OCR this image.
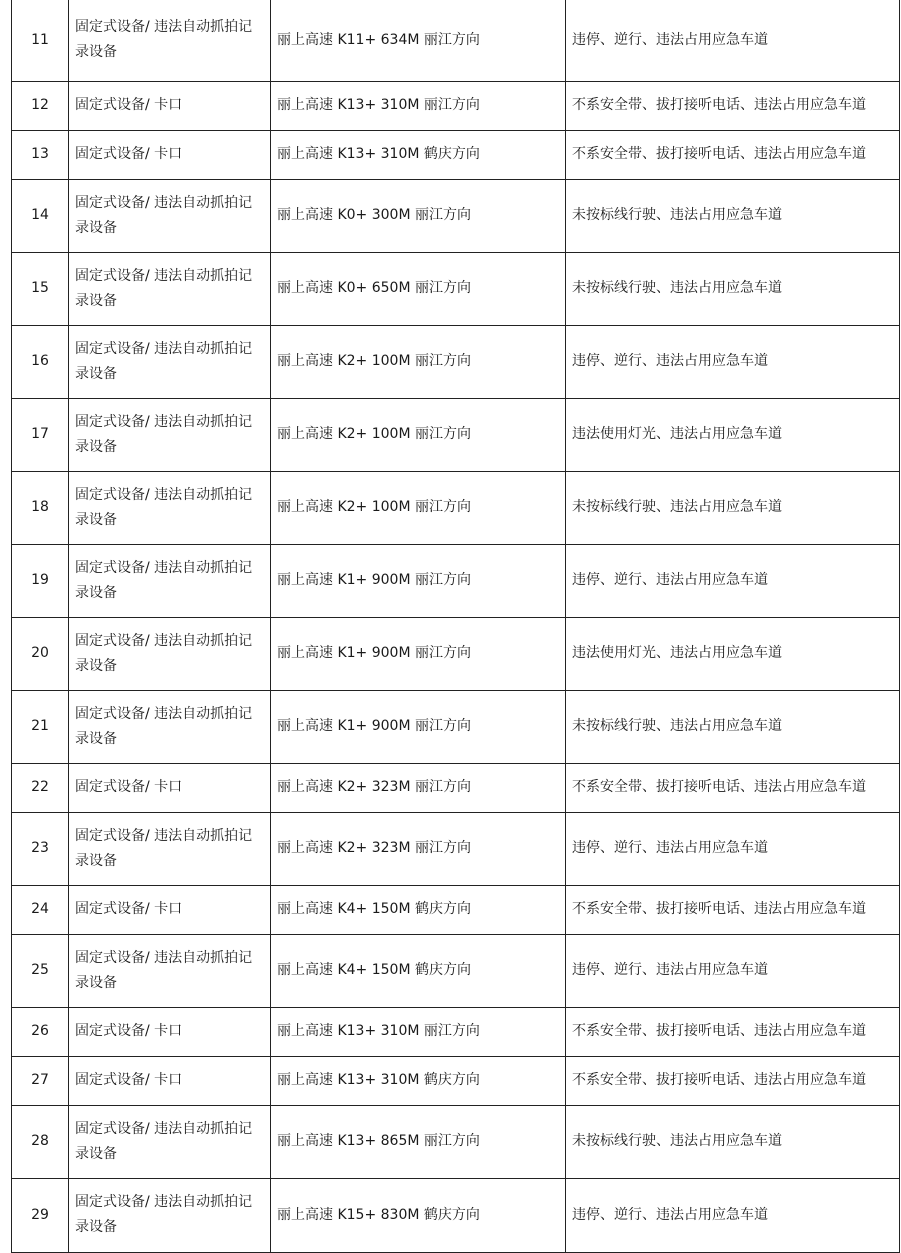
11	固定式设备/ 违法自动抓拍记录设备	丽上高速 K11+ 634M 丽江方向	违停、逆行、违法占用应急车道
12	固定式设备/ 卡口	丽上高速 K13+ 310M 丽江方向	不系安全带、拔打接听电话、违法占用应急车道
13	固定式设备/ 卡口	丽上高速 K13+ 310M 鹤庆方向	不系安全带、拔打接听电话、违法占用应急车道
14	固定式设备/ 违法自动抓拍记录设备	丽上高速 K0+ 300M 丽江方向	未按标线行驶、违法占用应急车道
15	固定式设备/ 违法自动抓拍记录设备	丽上高速 K0+ 650M 丽江方向	未按标线行驶、违法占用应急车道
16	固定式设备/ 违法自动抓拍记录设备	丽上高速 K2+ 100M 丽江方向	违停、逆行、违法占用应急车道
17	固定式设备/ 违法自动抓拍记录设备	丽上高速 K2+ 100M 丽江方向	违法使用灯光、违法占用应急车道
18	固定式设备/ 违法自动抓拍记录设备	丽上高速 K2+ 100M 丽江方向	未按标线行驶、违法占用应急车道
19	固定式设备/ 违法自动抓拍记录设备	丽上高速 K1+ 900M 丽江方向	违停、逆行、违法占用应急车道
20	固定式设备/ 违法自动抓拍记录设备	丽上高速 K1+ 900M 丽江方向	违法使用灯光、违法占用应急车道
21	固定式设备/ 违法自动抓拍记录设备	丽上高速 K1+ 900M 丽江方向	未按标线行驶、违法占用应急车道
22	固定式设备/ 卡口	丽上高速 K2+ 323M 丽江方向	不系安全带、拔打接听电话、违法占用应急车道
23	固定式设备/ 违法自动抓拍记录设备	丽上高速 K2+ 323M 丽江方向	违停、逆行、违法占用应急车道
24	固定式设备/ 卡口	丽上高速 K4+ 150M 鹤庆方向	不系安全带、拔打接听电话、违法占用应急车道
25	固定式设备/ 违法自动抓拍记录设备	丽上高速 K4+ 150M 鹤庆方向	违停、逆行、违法占用应急车道
26	固定式设备/ 卡口	丽上高速 K13+ 310M 丽江方向	不系安全带、拔打接听电话、违法占用应急车道
27	固定式设备/ 卡口	丽上高速 K13+ 310M 鹤庆方向	不系安全带、拔打接听电话、违法占用应急车道
28	固定式设备/ 违法自动抓拍记录设备	丽上高速 K13+ 865M 丽江方向	未按标线行驶、违法占用应急车道
29	固定式设备/ 违法自动抓拍记录设备	丽上高速 K15+ 830M 鹤庆方向	违停、逆行、违法占用应急车道
